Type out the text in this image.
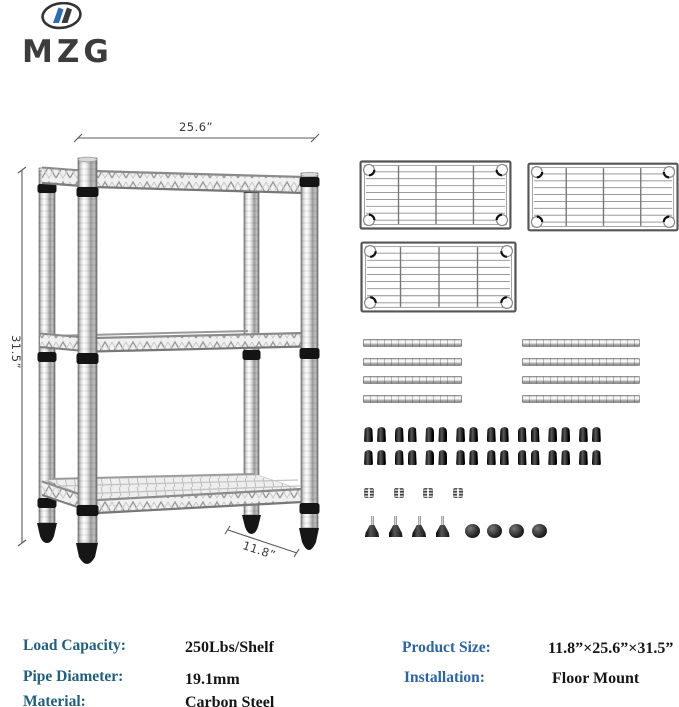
MZG
25.6”
31.5”
11.8”
Load Capacity:	250Lbs/Shelf
Pipe Diameter:	19.1mm
Material:	Carbon Steel
Product Size:	11.8”×25.6”×31.5”
Installation:	Floor Mount
